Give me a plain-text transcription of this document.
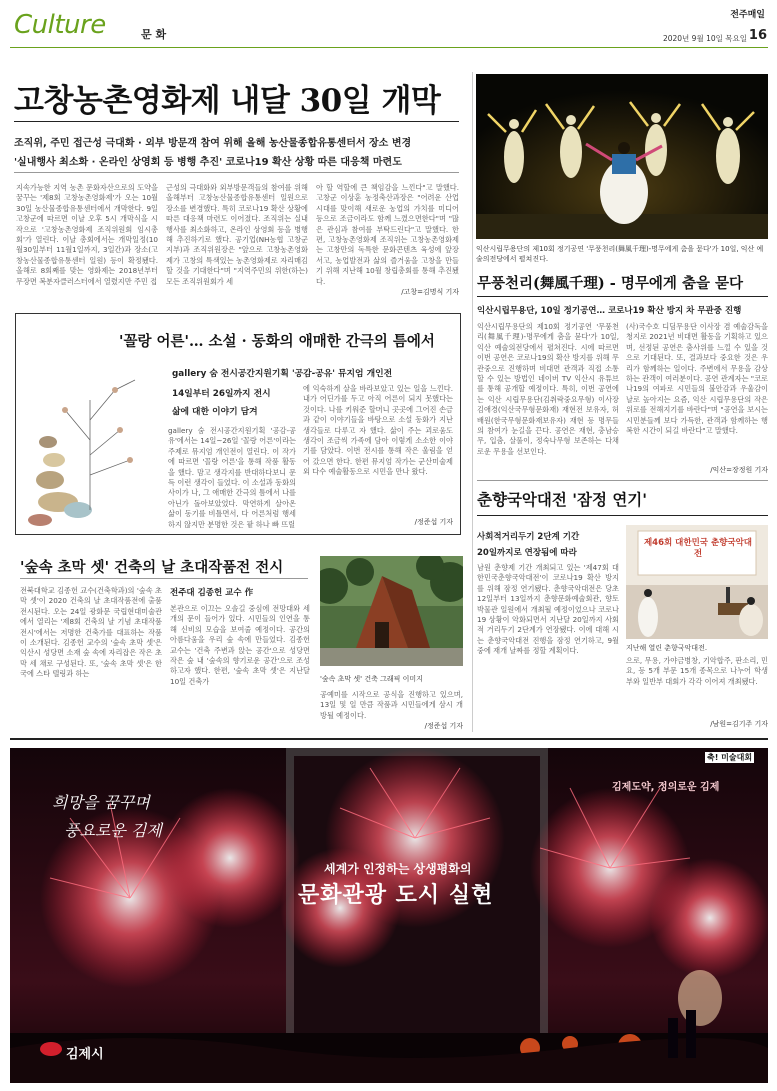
Culture	문 화
전주매일
2020년 9월 10일 목요일 16
고창농촌영화제 내달 30일 개막
조직위, 주민 접근성 극대화 · 외부 방문객 참여 위해 올해 농산물종합유통센터서 장소 변경
'실내행사 최소화 · 온라인 상영회 등 병행 추진' 코로나19 확산 상황 따른 대응책 마련도
지속가능한 지역 농촌 문화자산으로의 도약을 꿈꾸는 '제8회 고창농촌영화제'가 오는 10월 30일 농산물종합유통센터에서 개막한다. 9일 고창군에 따르면 이날 오후 5시 개막식을 시작으로 '고창농촌영화제 조직위원회 임시총회'가 열린다. 이날 총회에서는 개막일정(10월30일부터 11월1일까지, 3일간)과 장소(고창농산물종합유통센터 일원) 등이 확정됐다. 올해로 8회째를 맞는 영화제는 2018년부터 무장면 복분자클러스터에서 열렸지만 주민 접
근성의 극대화와 외부방문객들의 참여를 위해 올해부터 고창농산물종합유통센터 일원으로 장소를 변경했다. 특히 코로나19 확산 상황에 따른 대응책 마련도 이어졌다. 조직위는 실내행사를 최소화하고, 온라인 상영회 등을 병행해 추진하기로 했다. 공기업(NH농협 고창군지부)과 조직위원장은 "앞으로 고창농촌영화제가 고창의 특색있는 농촌영화제로 자리매김 할 것을 기대한다"며 "지역주민의 위한(하는) 모든 조직위원회가 세
아 할 역할에 큰 책임감을 느낀다"고 말했다. 고창군 이상훈 농정축산과장은 "어려운 산업 시대를 맞이해 새로운 농업의 가치를 미디어 등으로 조금이라도 함께 느꼈으면한다"며 "많은 관심과 참여를 부탁드린다"고 말했다. 한편, 고창농촌영화제 조직위는 고창농촌영화제는 고창만의 독특한 문화콘텐츠 육성에 앞장서고, 농업발전과 삶의 즐거움을 고창을 만들기 위해 지난해 10월 창립총회를 통해 추진됐다.
/고창=김명식 기자
익산시립무용단의 제10회 정기공연 '무풍천리(舞風千理)-명무에게 춤을 묻다'가 10일, 익산 예술의전당에서 펼쳐진다.
무풍천리(舞風千理) - 명무에게 춤을 묻다
익산시립무용단, 10일 정기공연… 코로나19 확산 방지 차 무관중 진행
익산시립무용단의 제10회 정기공연 '무풍천리(舞風千理)-명무에게 춤을 묻다'가 10일, 익산 예술의전당에서 펼쳐진다. 시에 따르면 이번 공연은 코로나19의 확산 방지를 위해 무관중으로 진행하며 비대면 관객과 직접 소통할 수 있는 방법인 네이버 TV 익산시 유튜브를 통해 공개할 예정이다. 특히, 이번 공연에는 익산 시립무용단(김취락중요무형) 이사장 김애경(익산국무형문화재) 재현전 보유자, 허배원(한국무형문화재보유자) 재현 등 명무들의 참여가 눈길을 끈다. 공연은 재현, 충남승무, 입춤, 살풀이, 정숙나무형 보존하는 다채로운 무용을 선보인다.
(사)국수호 디딤무용단 이사장 겸 예술감독을 청지로 2021년 비대면 활동을 기획하고 있으며, 선정된 공연은 춤사위를 느낄 수 있을 것으로 기대된다. 또, 결과보다 중요한 것은 우리가 함께하는 일이다. 주변에서 무용을 감상하는 관객이 여러분이다. 공연 관계자는 "코로나19의 여파로 시민들의 불안감과 우울감이 날로 높아지는 요즘, 익산 시립무용단의 작은 위로를 전해지기를 바란다"며 "공연을 보시는 시민분들께 보다 가득한, 관객과 함께하는 행복한 시간이 되길 바란다"고 말했다.
/익산=장정원 기자
'꼴랑 어른'… 소설 · 동화의 애매한 간극의 틈에서
gallery 숨 전시공간지원기획 '공감-공유' 뮤지엄 개인전
14일부터 26일까지 전시
삶에 대한 이야기 담겨
gallery 숨 전시공간지원기획 '공감-공유'에서는 14일~26일 '꼴랑 어른'이라는 주제로 뮤지엄 개인전이 열린다. 이 작가에 따르면 '꼴랑 어른'을 통해 작품 활동을 했다. 맘고 생각지를 반대하다보니 문득 이런 생각이 들었다. 이 소설과 동화의 사이가 나, 그 애매한 간극의 틈에서 나를 아닌가 돌아보았었다. 막연하게 살아온 삶이 동기를 비틀면서, 다 어른처럼 행세하지 않지만 분명한 것은 팥 하나 빠 뜨릴
에 익숙하게 살을 바라보았고 있는 일을 느낀다. 내가 어딘가를 두고 아직 어른이 되지 못했다는 것이다. 나를 키워준 할머니 곳곳에 그어진 손금과 같이 이야기들을 바탕으로 소설 동화가 지난 생각들로 다루고 자 했다. 삶이 주는 괴로움도 생각이 조금씩 가족에 담아 이렇게 소소한 이야기를 담았다. 이번 전시를 통해 작은 울림을 얻어 갔으면 한다. 한편 뮤지엄 작가는 군산미술제 외 다수 예술활동으로 시민을 만나 왔다.
/정준섭 기자
춘향국악대전 '잠정 연기'
사회적거리두기 2단계 기간
20일까지로 연장됨에 따라
남원 춘향제 기간 개최되고 있는 '제47회 대한민국춘향국악대전'이 코로나19 확산 방지를 위해 잠정 연기됐다. 춘향국악대전은 당초 12일부터 13일까지 춘향문화예술회관, 향토박물관 일원에서 개최될 예정이었으나 코로나19 상황이 악화되면서 지난달 20일까지 사회적 거리두기 2단계가 연장됐다. 이에 대해 시는 춘향국악대전 진행을 잠정 연기하고, 9월 중에 재개 날짜를 정할 계획이다.
제46회 대한민국 춘향국악대전
지난해 열린 춘향국악대전.
으로, 무용, 가야금병창, 기악합주, 판소리, 민요, 등 5개 부문 15개 종목으로 나누어 학생부와 일반부 대회가 각각 이어져 개최됐다.
/남원=김기주 기자
'숲속 초막 셋' 건축의 날 초대작품전 전시
전북대학교 김종헌 교수(건축학과)의 '숲속 초막 셋'이 2020 건축의 날 초대작품전에 출품 전시된다. 오는 24일 광화문 국립현대미술관에서 열리는 '제8회 건축의 날 기념 초대작품전시'에서는 저명한 건축가를 대표하는 작품이 소개된다. 김종헌 교수의 '숲속 초막 셋'은 익산시 성당면 소재 숲 속에 자리잡은 작은 초막 세 채로 구성된다. 또, '숲속 초막 셋'은 한국에 스타 텔링과 하는
전주대 김종헌 교수 作
본관으로 이끄는 오솔길 중심에 전망대와 세 개의 문이 들어가 있다. 시민들의 인연을 통해 신비의 모습을 보여줄 예정이다. 공간의 아름다움을 우리 숲 속에 만들었다. 김종헌 교수는 '건축 주변과 앉는 공간'으로 성당면 작은 숲 내 '숲속의 향기로운 공간'으로 조성하고자 했다. 한편, '숲속 초막 셋'은 지난달 10일 건축가	'숲속 초막 셋' 건축 그래픽 이미지
공예미를 시작으로 공식을 진행하고 있으며, 13일 및 일 만큼 작품과 시민들에게 삼시 개방될 예정이다.
/정준섭 기자
축! 미술대회
김제도약, 정의로운 김제
희망을 꿈꾸며
풍요로운 김제
세계가 인정하는 상생평화의
문화관광 도시 실현
김제시
